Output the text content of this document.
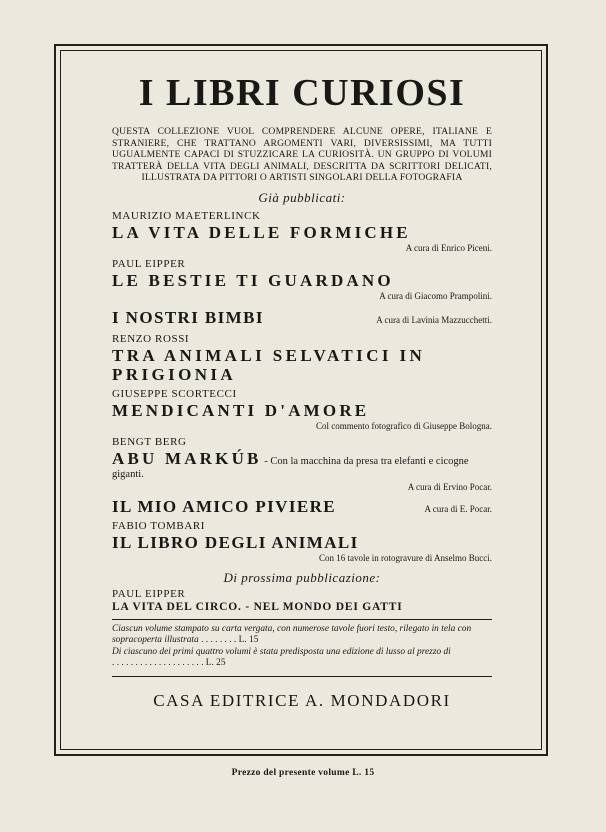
I LIBRI CURIOSI
QUESTA COLLEZIONE VUOL COMPRENDERE ALCUNE OPERE, ITALIANE E STRANIERE, CHE TRATTANO ARGOMENTI VARI, DIVERSISSIMI, MA TUTTI UGUALMENTE CAPACI DI STUZZICARE LA CURIOSITÀ. UN GRUPPO DI VOLUMI TRATTERÀ DELLA VITA DEGLI ANIMALI, DESCRITTA DA SCRITTORI DELICATI, ILLUSTRATA DA PITTORI O ARTISTI SINGOLARI DELLA FOTOGRAFIA
Già pubblicati:
MAURIZIO MAETERLINCK
LA VITA DELLE FORMICHE
A cura di Enrico Piceni.
PAUL EIPPER
LE BESTIE TI GUARDANO
A cura di Giacomo Prampolini.
I NOSTRI BIMBI	A cura di Lavinia Mazzucchetti.
RENZO ROSSI
TRA ANIMALI SELVATICI IN PRIGIONIA
GIUSEPPE SCORTECCI
MENDICANTI D'AMORE
Col commento fotografico di Giuseppe Bologna.
BENGT BERG
ABU MARKÚB - Con la macchina da presa tra elefanti e cicogne giganti.
A cura di Ervino Pocar.
IL MIO AMICO PIVIERE	A cura di E. Pocar.
FABIO TOMBARI
IL LIBRO DEGLI ANIMALI
Con 16 tavole in rotogravure di Anselmo Bucci.
Di prossima pubblicazione:
PAUL EIPPER
LA VITA DEL CIRCO. - NEL MONDO DEI GATTI
Ciascun volume stampato su carta vergata, con numerose tavole fuori testo, rilegato in tela con sopracoperta illustrata . . . . . . . . L. 15
Di ciascuno dei primi quattro volumi è stata predisposta una edizione di lusso al prezzo di . . . . . . . . . . . . . . . . . . . . L. 25
CASA EDITRICE A. MONDADORI
Prezzo del presente volume L. 15
